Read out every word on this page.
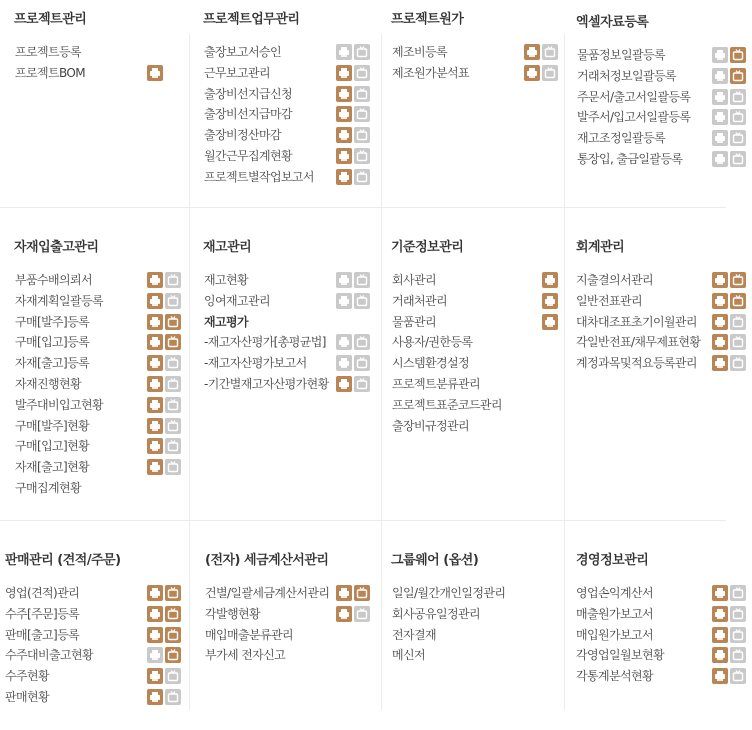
프로젝트관리
프로젝트등록
프로젝트BOM
프로젝트업무관리
출장보고서승인
근무보고관리
출장비선지급신청
출장비선지급마감
출장비정산마감
월간근무집계현황
프로젝트별작업보고서
프로젝트원가
제조비등록
제조원가분석표
엑셀자료등록
물품정보일괄등록
거래처정보일괄등록
주문서/출고서일괄등록
발주서/입고서일괄등록
재고조정일괄등록
통장입, 출금일괄등록
자재입출고관리
부품수배의뢰서
자재계획일괄등록
구매[발주]등록
구매[입고]등록
자재[출고]등록
자재진행현황
발주대비입고현황
구매[발주]현황
구매[입고]현황
자재[출고]현황
구매집계현황
재고관리
재고현황
잉여재고관리
재고평가
-재고자산평가[총평균법]
-재고자산평가보고서
-기간별재고자산평가현황
기준정보관리
회사관리
거래처관리
물품관리
사용자/권한등록
시스템환경설정
프로젝트분류관리
프로젝트표준코드관리
출장비규정관리
회계관리
지출결의서관리
일반전표관리
대차대조표초기이월관리
각일반전표/채무제표현황
계정과목및적요등록관리
판매관리 (견적/주문)
영업(견적)관리
수주[주문]등록
판매[출고]등록
수주대비출고현황
수주현황
판매현황
(전자) 세금계산서관리
건별/일괄세금계산서관리
각발행현황
매입매출분류관리
부가세 전자신고
그룹웨어 (옵션)
일일/월간개인일정관리
회사공유일정관리
전자결재
메신저
경영정보관리
영업손익계산서
매출원가보고서
매입원가보고서
각영업일월보현황
각통계분석현황
